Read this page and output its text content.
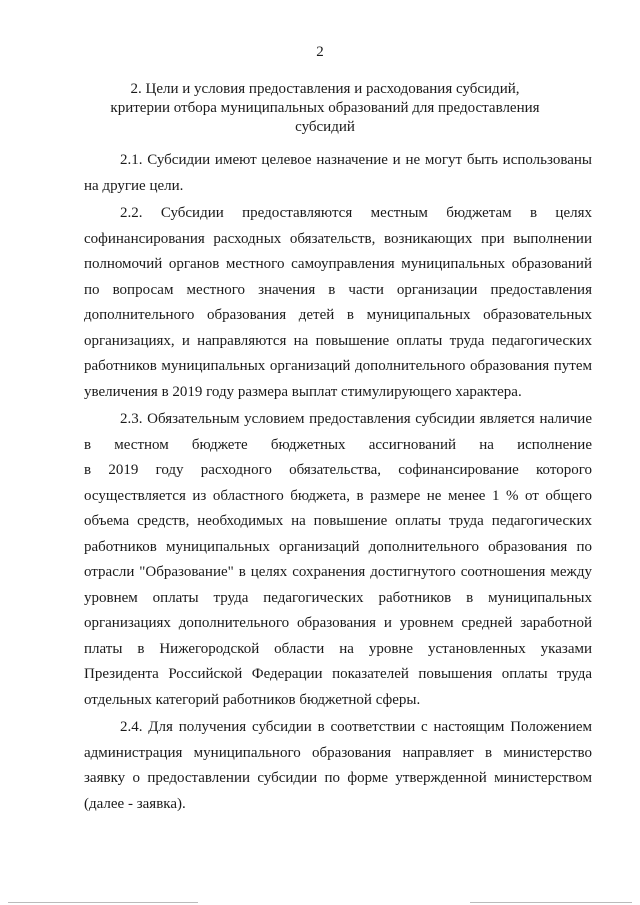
2
2. Цели и условия предоставления и расходования субсидий,
критерии отбора муниципальных образований для предоставления
субсидий
2.1. Субсидии имеют целевое назначение и не могут быть использованы
на другие цели.
2.2. Субсидии предоставляются местным бюджетам в целях
софинансирования расходных обязательств, возникающих при выполнении
полномочий органов местного самоуправления муниципальных образований
по вопросам местного значения в части организации предоставления
дополнительного образования детей в муниципальных образовательных
организациях, и направляются на повышение оплаты труда педагогических
работников муниципальных организаций дополнительного образования путем
увеличения в 2019 году размера выплат стимулирующего характера.
2.3. Обязательным условием предоставления субсидии является наличие
в местном бюджете бюджетных ассигнований на исполнение
в 2019 году расходного обязательства, софинансирование которого
осуществляется из областного бюджета, в размере не менее 1 % от общего
объема средств, необходимых на повышение оплаты труда педагогических
работников муниципальных организаций дополнительного образования по
отрасли "Образование" в целях сохранения достигнутого соотношения между
уровнем оплаты труда педагогических работников в муниципальных
организациях дополнительного образования и уровнем средней заработной
платы в Нижегородской области на уровне установленных указами
Президента Российской Федерации показателей повышения оплаты труда
отдельных категорий работников бюджетной сферы.
2.4. Для получения субсидии в соответствии с настоящим Положением
администрация муниципального образования направляет в министерство
заявку о предоставлении субсидии по форме утвержденной министерством
(далее - заявка).
